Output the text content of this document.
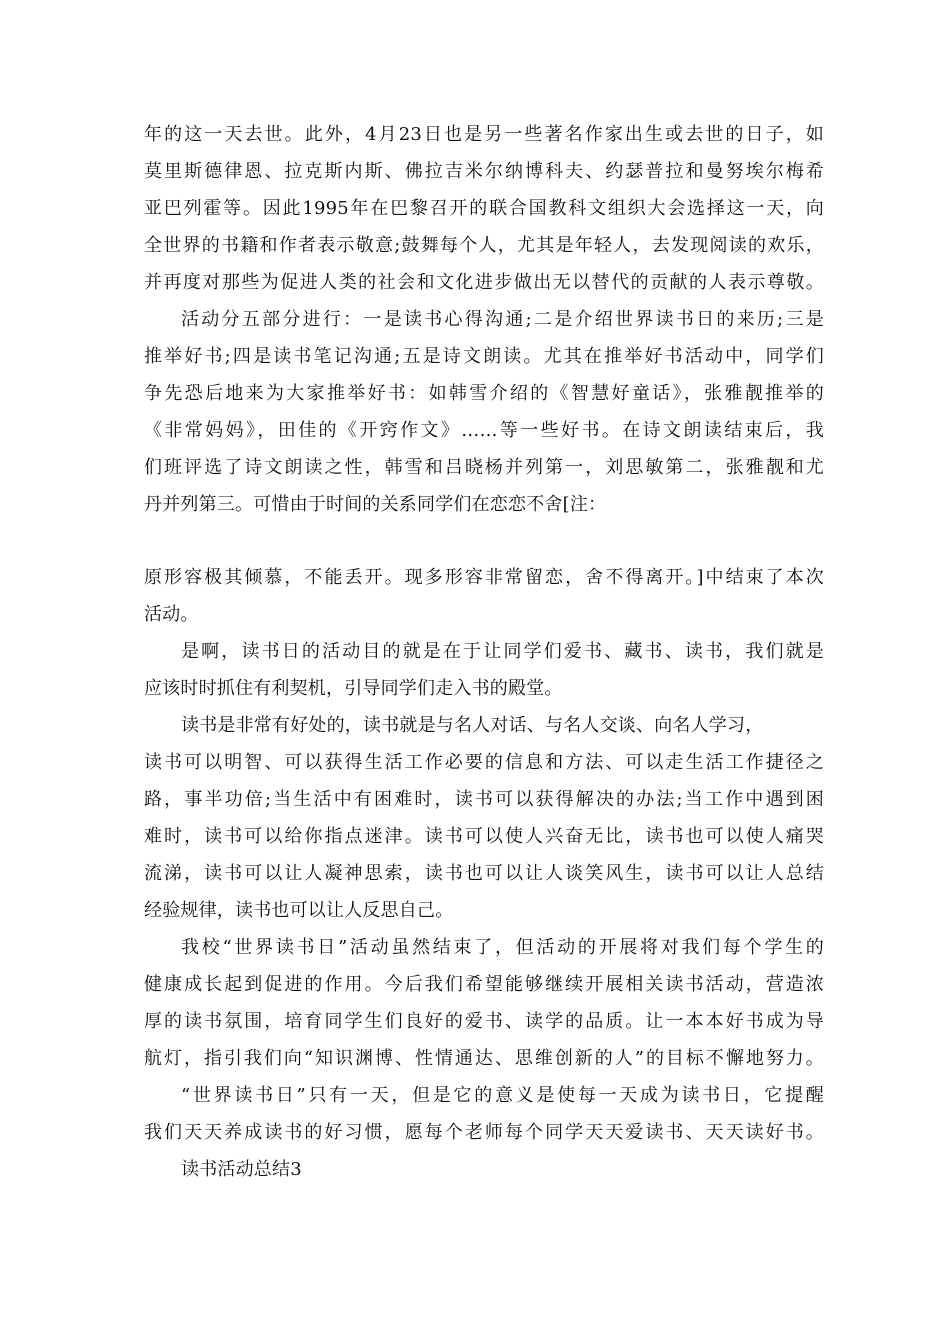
年的这一天去世。此外，4月23日也是另一些著名作家出生或去世的日子，如
莫里斯德律恩、拉克斯内斯、佛拉吉米尔纳博科夫、约瑟普拉和曼努埃尔梅希
亚巴列霍等。因此1995年在巴黎召开的联合国教科文组织大会选择这一天，向
全世界的书籍和作者表示敬意;鼓舞每个人，尤其是年轻人，去发现阅读的欢乐，
并再度对那些为促进人类的社会和文化进步做出无以替代的贡献的人表示尊敬。
活动分五部分进行：一是读书心得沟通;二是介绍世界读书日的来历;三是
推举好书;四是读书笔记沟通;五是诗文朗读。尤其在推举好书活动中，同学们
争先恐后地来为大家推举好书：如韩雪介绍的《智慧好童话》，张雅靓推举的
《非常妈妈》，田佳的《开窍作文》……等一些好书。在诗文朗读结束后，我
们班评选了诗文朗读之性，韩雪和吕晓杨并列第一，刘思敏第二，张雅靓和尤
丹并列第三。可惜由于时间的关系同学们在恋恋不舍[注：
原形容极其倾慕，不能丢开。现多形容非常留恋，舍不得离开。]中结束了本次
活动。
是啊，读书日的活动目的就是在于让同学们爱书、藏书、读书，我们就是
应该时时抓住有利契机，引导同学们走入书的殿堂。
读书是非常有好处的，读书就是与名人对话、与名人交谈、向名人学习，
读书可以明智、可以获得生活工作必要的信息和方法、可以走生活工作捷径之
路，事半功倍;当生活中有困难时，读书可以获得解决的办法;当工作中遇到困
难时，读书可以给你指点迷津。读书可以使人兴奋无比，读书也可以使人痛哭
流涕，读书可以让人凝神思索，读书也可以让人谈笑风生，读书可以让人总结
经验规律，读书也可以让人反思自己。
我校“世界读书日”活动虽然结束了，但活动的开展将对我们每个学生的
健康成长起到促进的作用。今后我们希望能够继续开展相关读书活动，营造浓
厚的读书氛围，培育同学生们良好的爱书、读学的品质。让一本本好书成为导
航灯，指引我们向“知识渊博、性情通达、思维创新的人”的目标不懈地努力。
“世界读书日”只有一天，但是它的意义是使每一天成为读书日，它提醒
我们天天养成读书的好习惯，愿每个老师每个同学天天爱读书、天天读好书。
读书活动总结3
